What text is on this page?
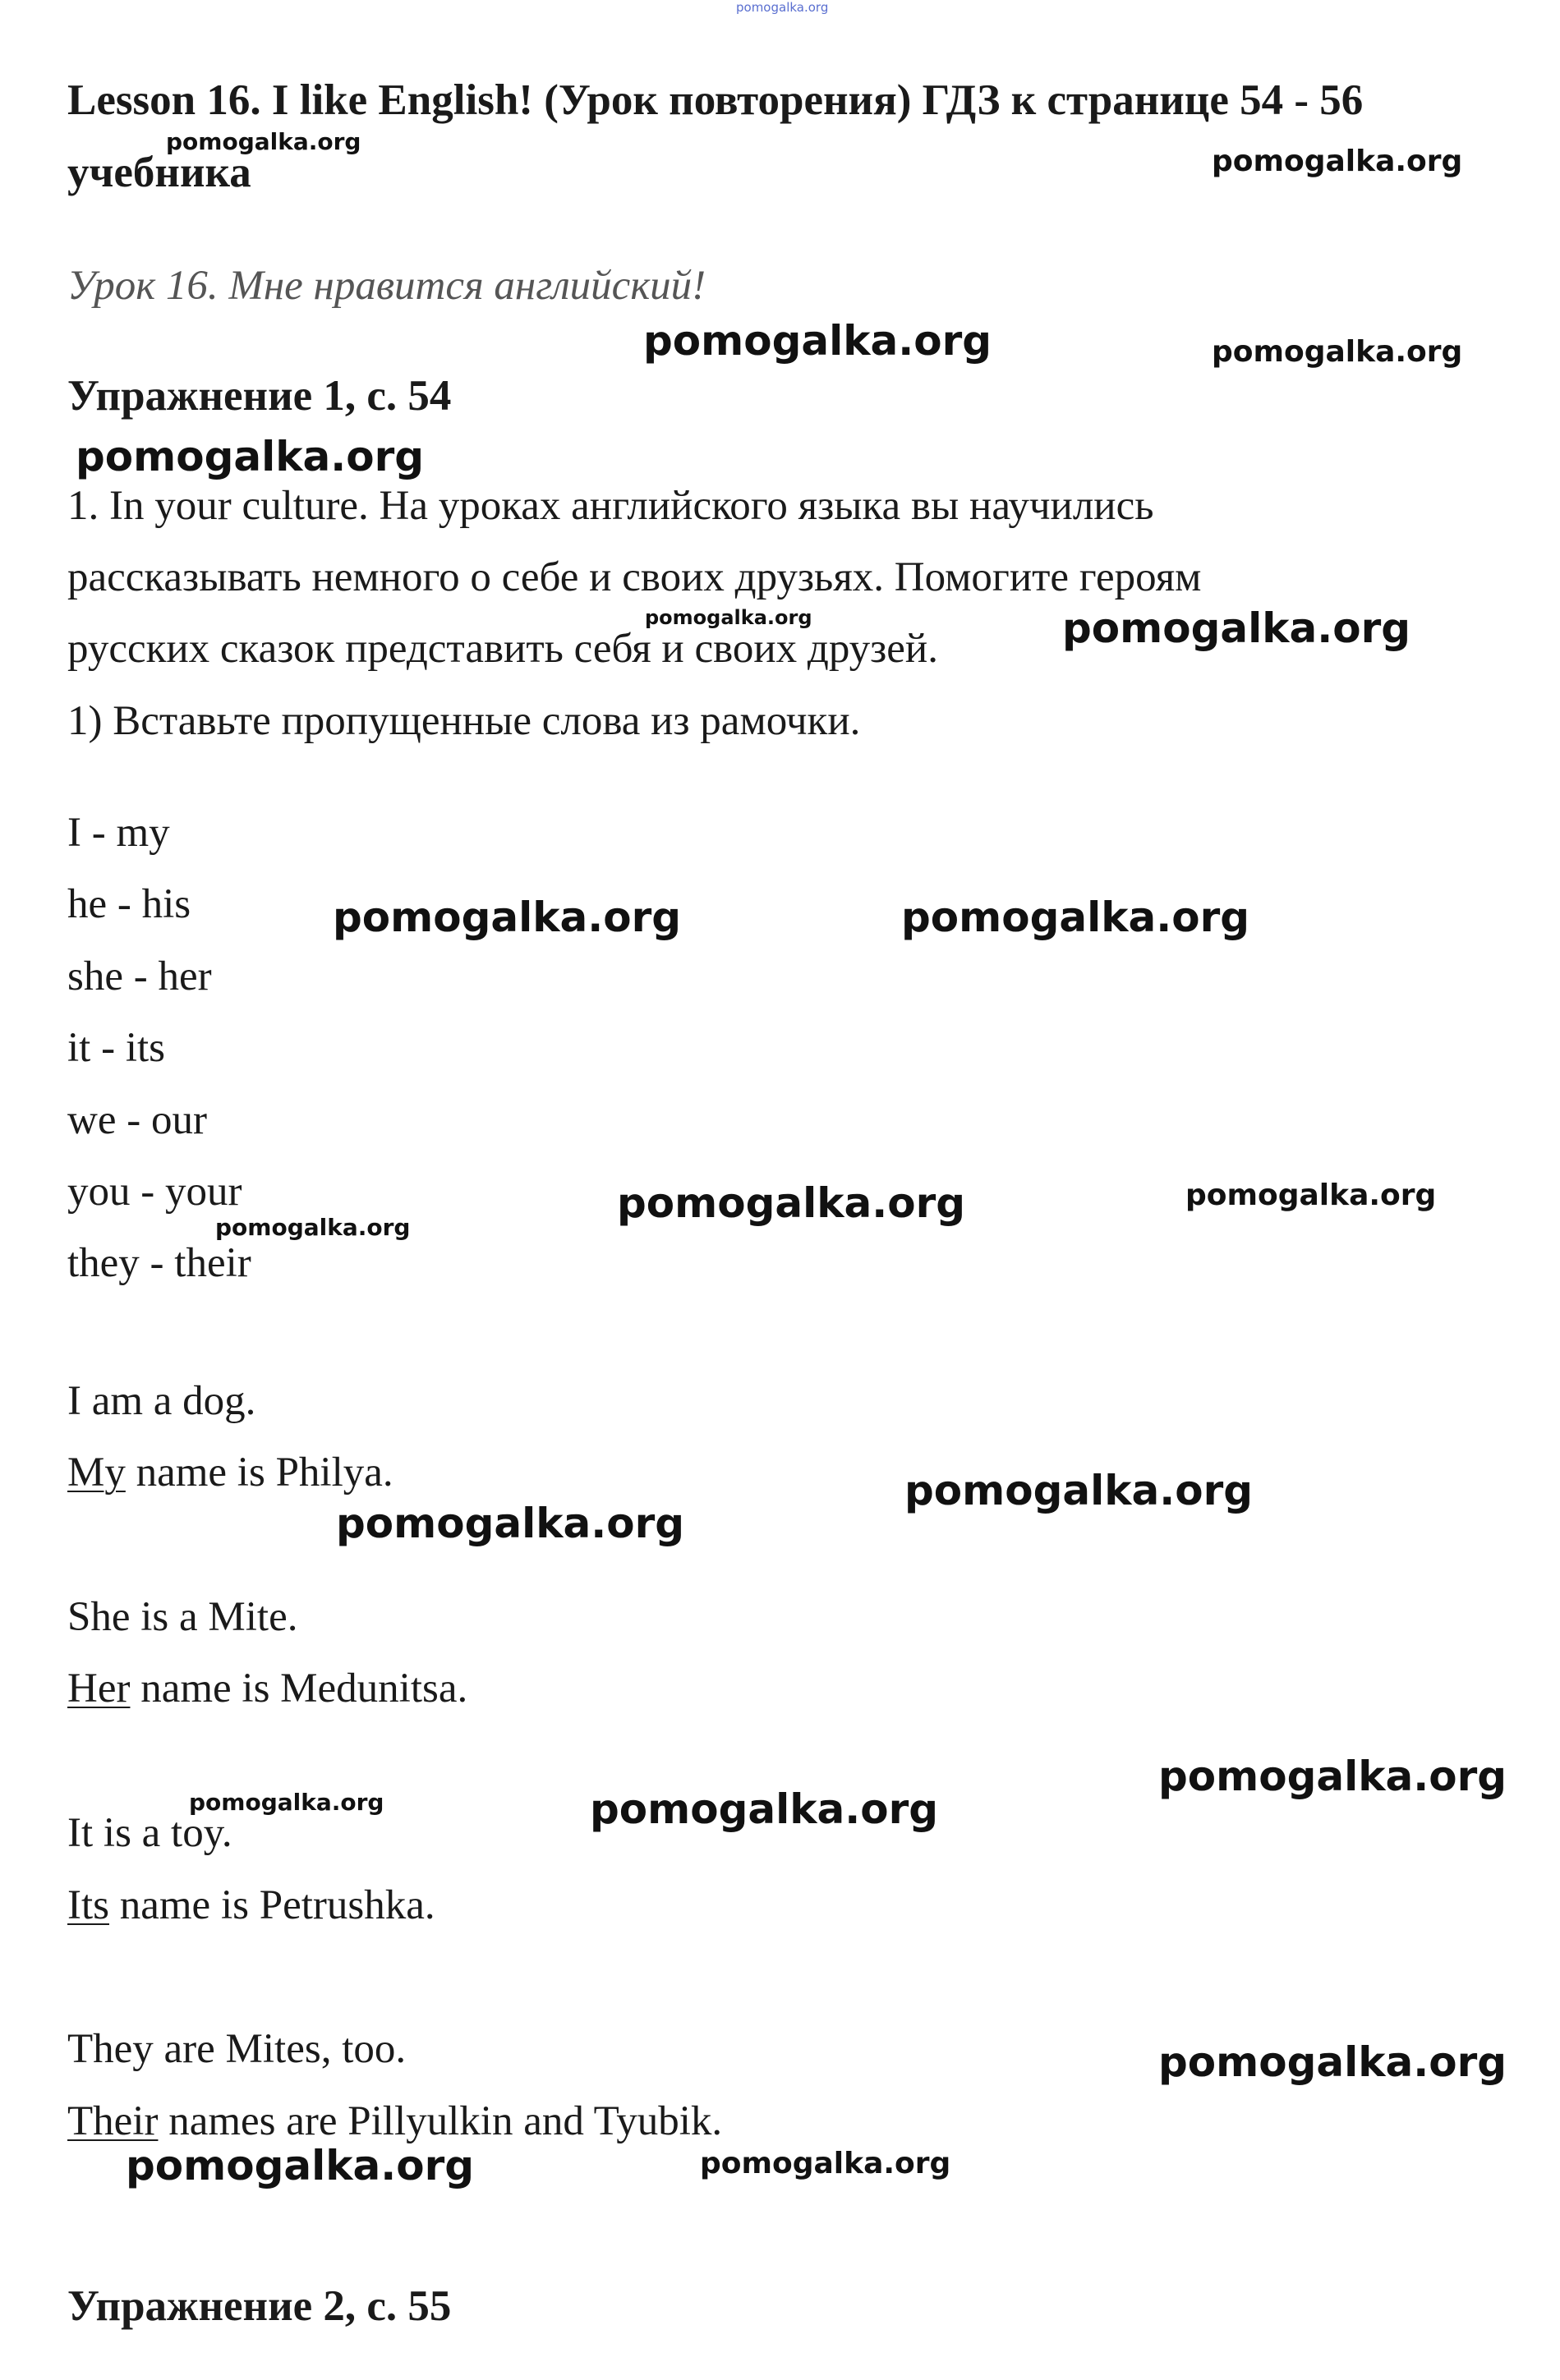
Lesson 16. I like English! (Урок повторения) ГДЗ к странице 54 - 56
учебника
Урок 16. Мне нравится английский!
Упражнение 1, с. 54
1. In your culture. На уроках английского языка вы научились
рассказывать немного о себе и своих друзьях. Помогите героям
русских сказок представить себя и своих друзей.
1) Вставьте пропущенные слова из рамочки.
I - my
he - his
she - her
it - its
we - our
you - your
they - their
I am a dog.
My name is Philya.
She is a Mite.
Her name is Medunitsa.
It is a toy.
Its name is Petrushka.
They are Mites, too.
Their names are Pillyulkin and Tyubik.
Упражнение 2, с. 55
pomogalka.org
pomogalka.org
pomogalka.org
pomogalka.org	pomogalka.org
pomogalka.org
pomogalka.org	pomogalka.org
pomogalka.org	pomogalka.org
pomogalka.org	pomogalka.org
pomogalka.org
pomogalka.org
pomogalka.org
pomogalka.org
pomogalka.org	pomogalka.org
pomogalka.org
pomogalka.org	pomogalka.org
